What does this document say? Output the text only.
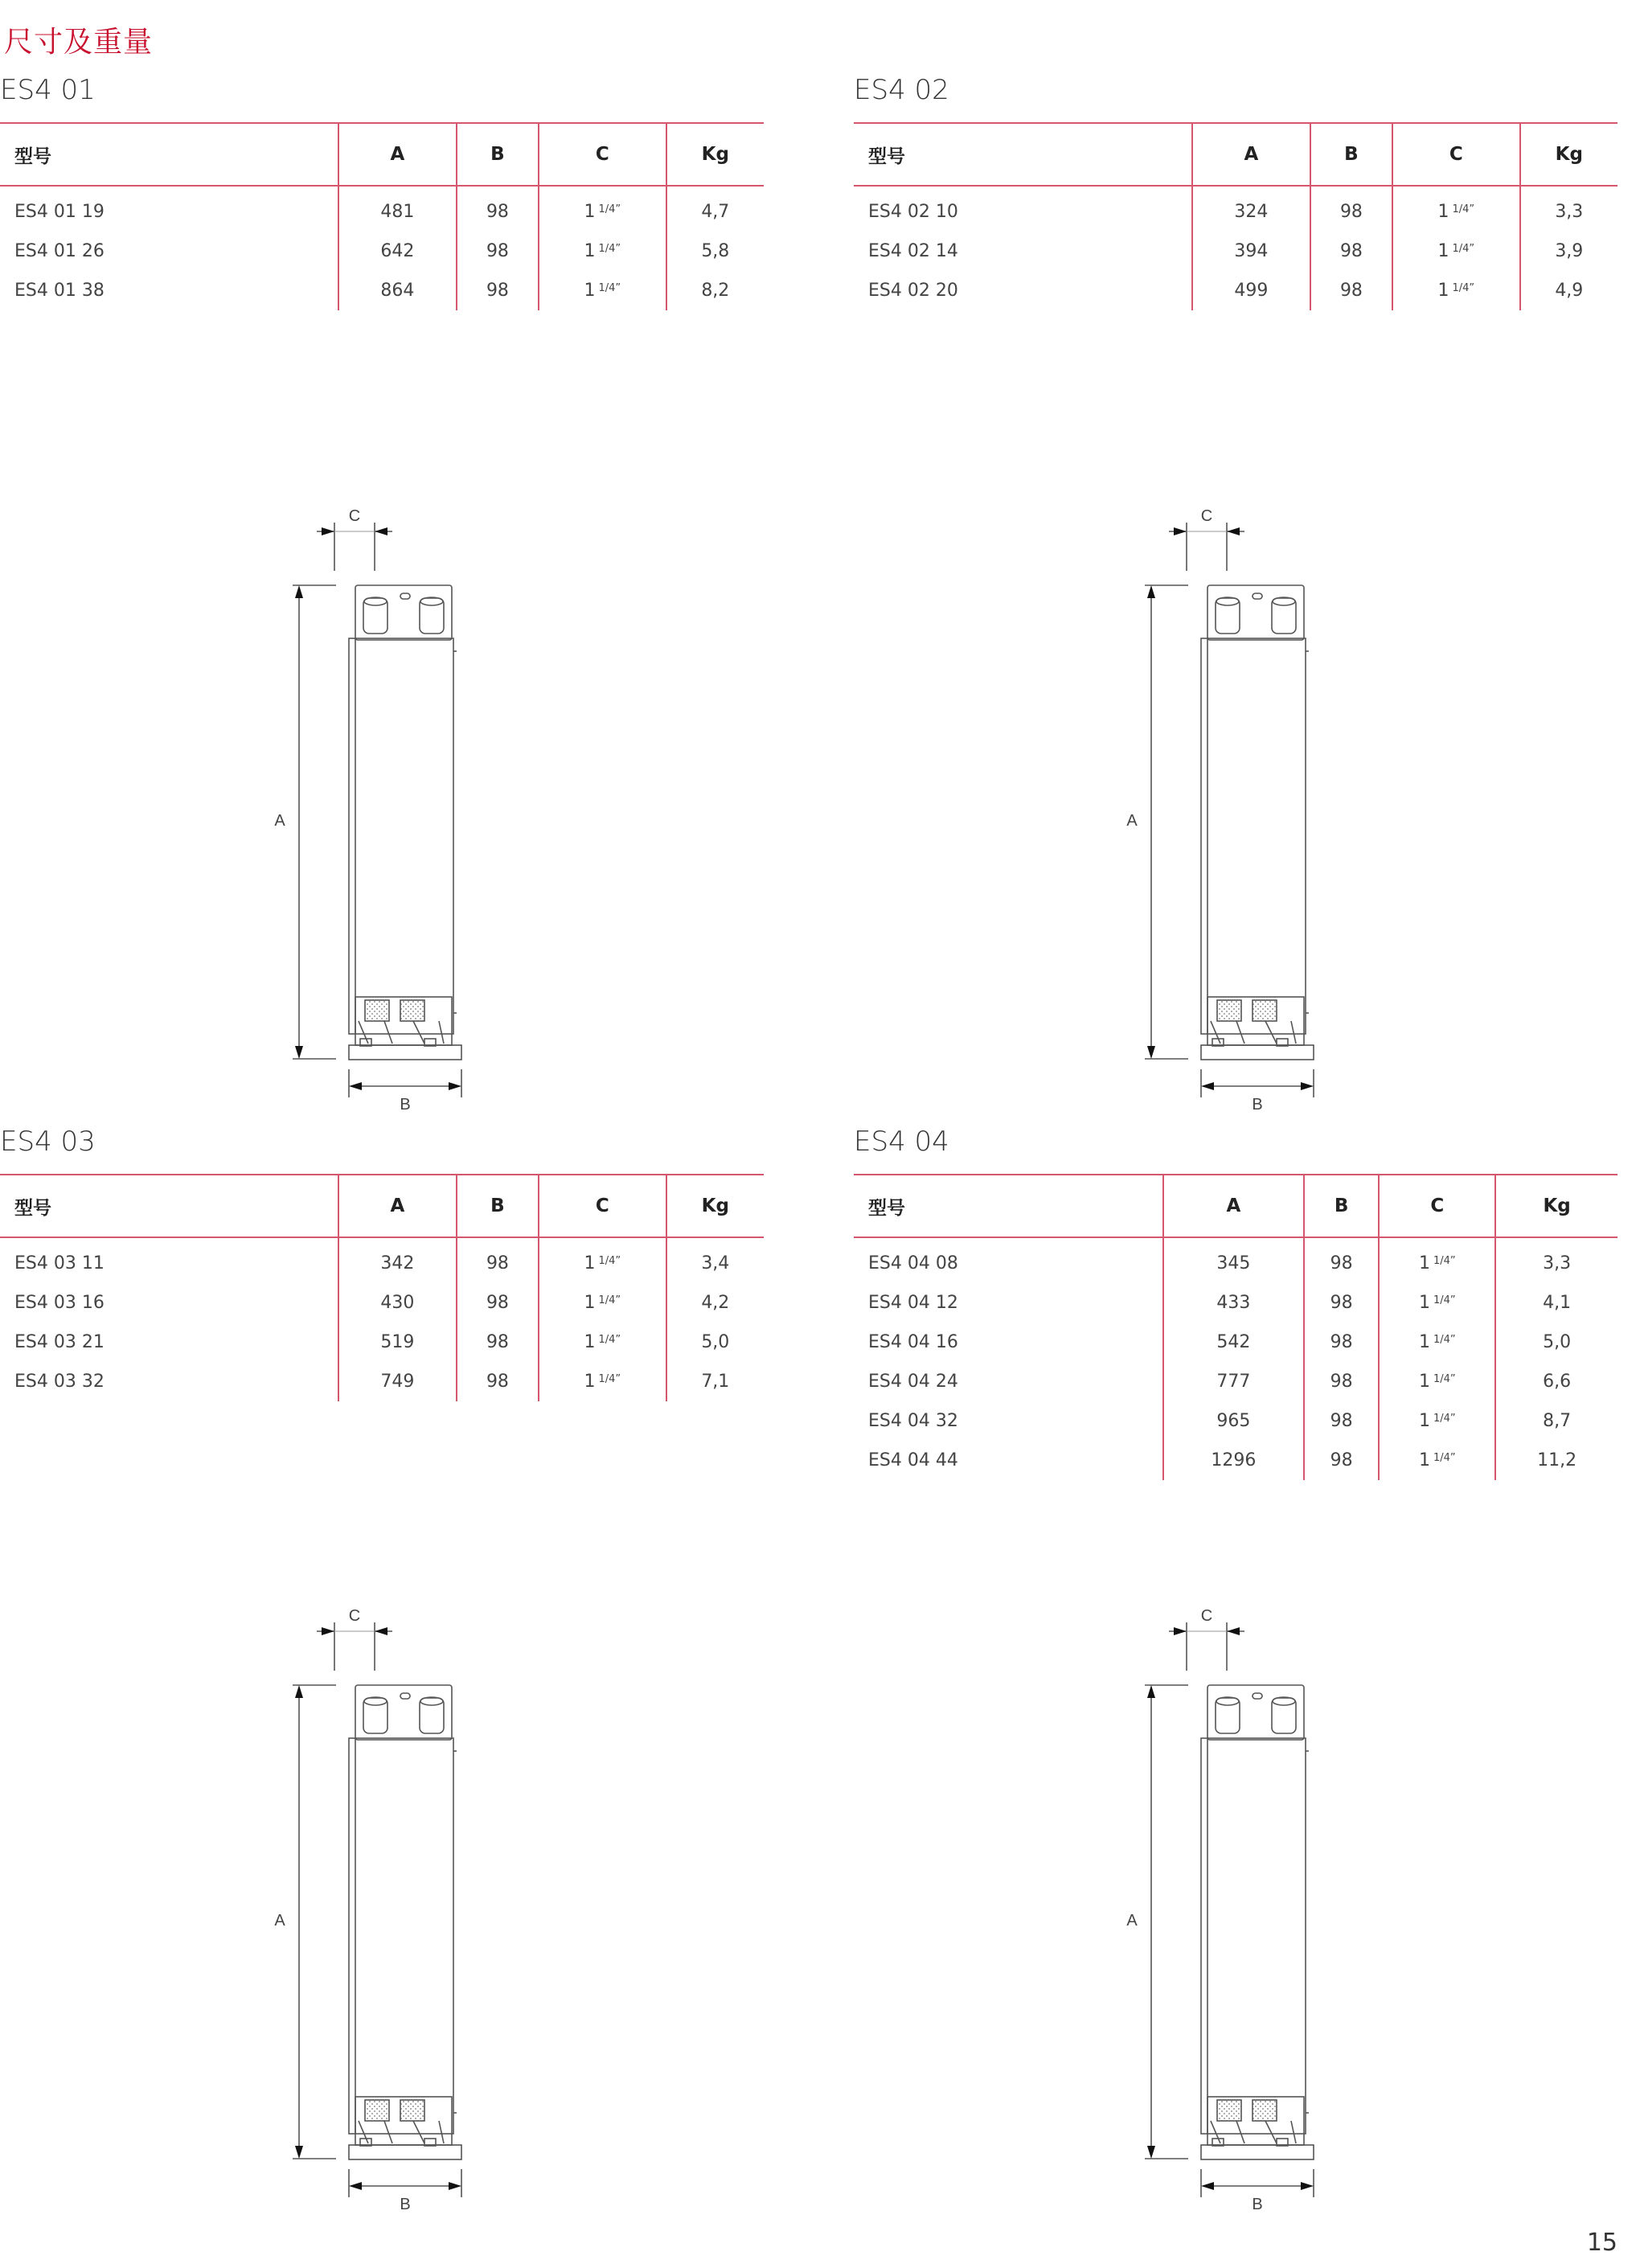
尺寸及重量
ES4 01
型号	A	B	C	Kg
ES4 01 19	481	98	1 $^{1/4”}$	4,7
ES4 01 26	642	98	1 $^{1/4”}$	5,8
ES4 01 38	864	98	1 $^{1/4”}$	8,2
ES4 02
型号	A	B	C	Kg
ES4 02 10	324	98	1 $^{1/4”}$	3,3
ES4 02 14	394	98	1 $^{1/4”}$	3,9
ES4 02 20	499	98	1 $^{1/4”}$	4,9
ES4 03
型号	A	B	C	Kg
ES4 03 11	342	98	1 $^{1/4”}$	3,4
ES4 03 16	430	98	1 $^{1/4”}$	4,2
ES4 03 21	519	98	1 $^{1/4”}$	5,0
ES4 03 32	749	98	1 $^{1/4”}$	7,1
ES4 04
型号	A	B	C	Kg
ES4 04 08	345	98	1 $^{1/4”}$	3,3
ES4 04 12	433	98	1 $^{1/4”}$	4,1
ES4 04 16	542	98	1 $^{1/4”}$	5,0
ES4 04 24	777	98	1 $^{1/4”}$	6,6
ES4 04 32	965	98	1 $^{1/4”}$	8,7
ES4 04 44	1296	98	1 $^{1/4”}$	11,2
C
A
B
C
A
B
C
A
B
C
A
B
15
